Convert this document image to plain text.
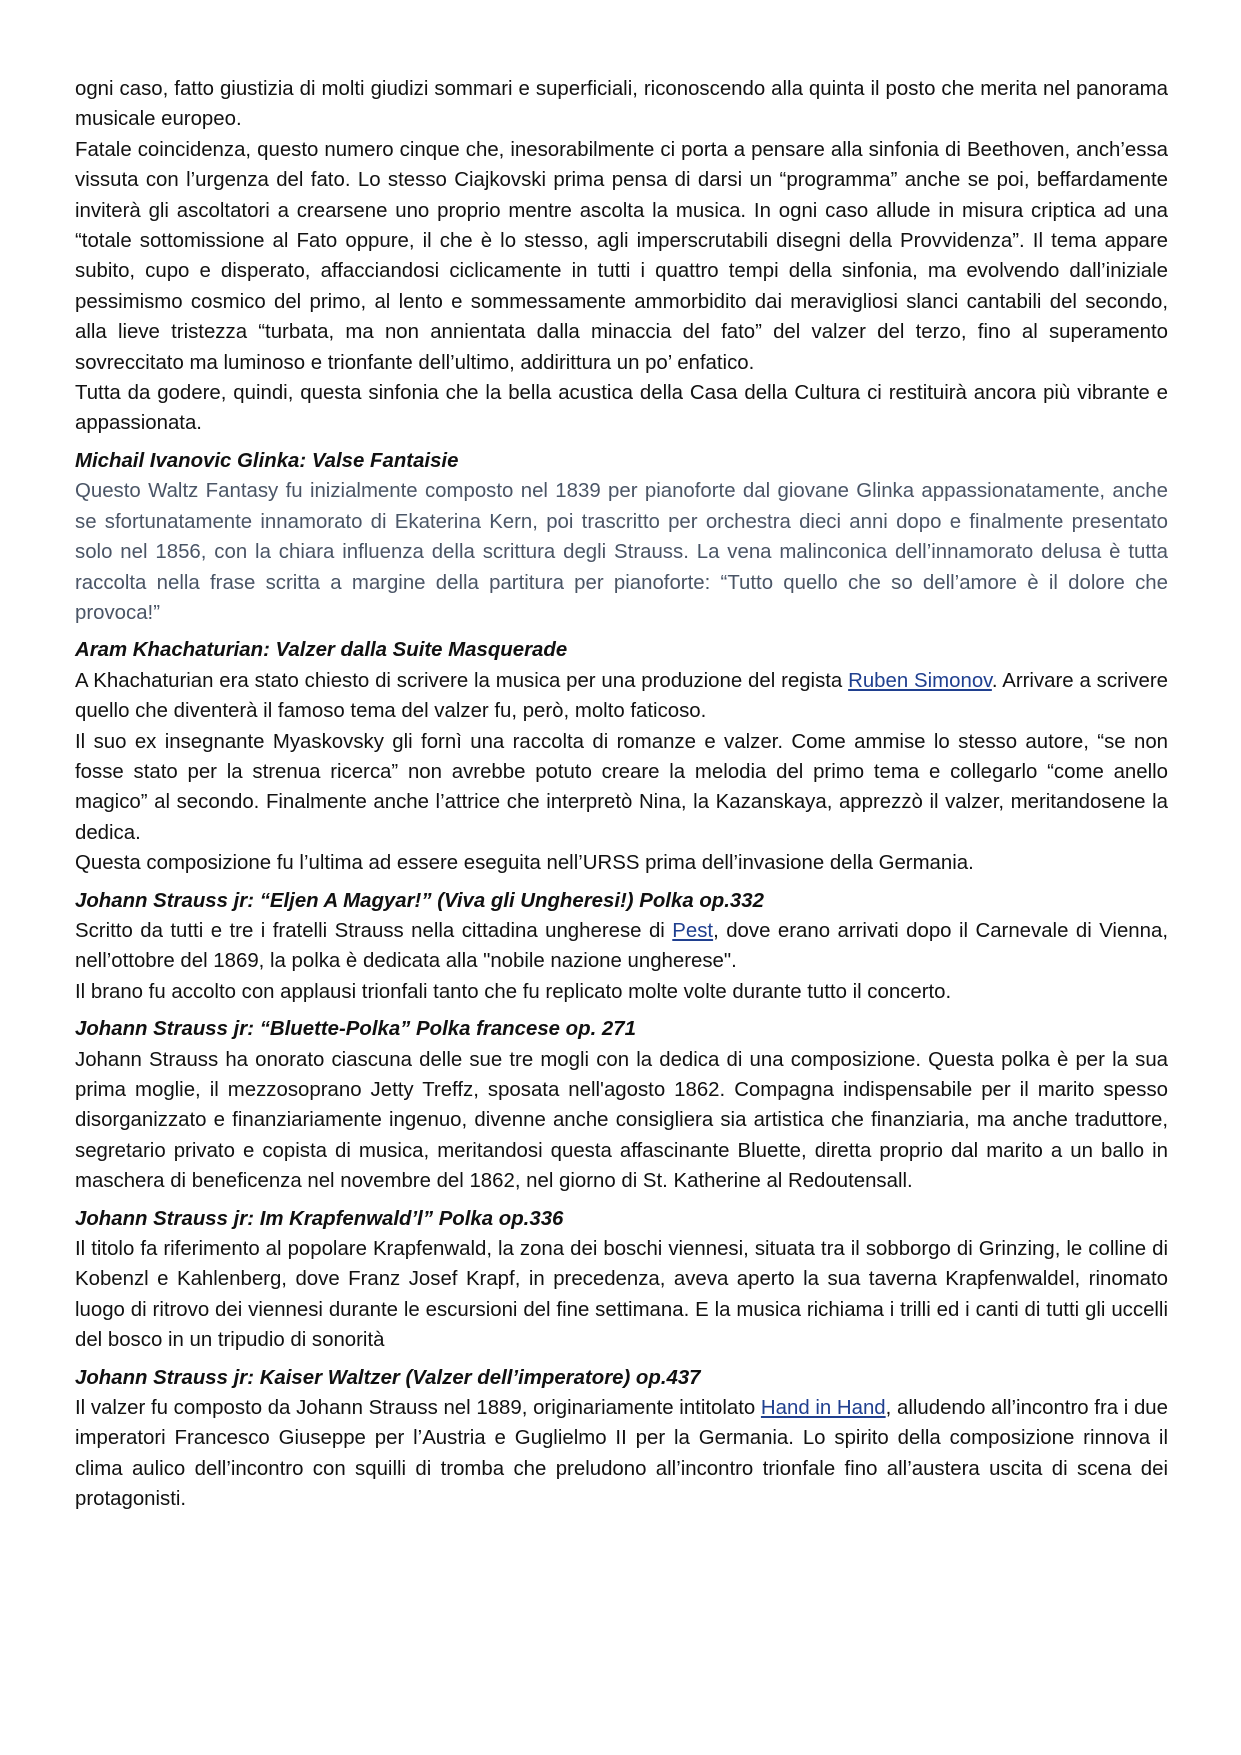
ogni caso, fatto giustizia di molti giudizi sommari e superficiali, riconoscendo alla quinta il posto che merita nel panorama musicale europeo.

Fatale coincidenza, questo numero cinque che, inesorabilmente ci porta a pensare alla sinfonia di Beethoven, anch’essa vissuta con l’urgenza del fato. Lo stesso Ciajkovski prima pensa di darsi un “programma” anche se poi, beffardamente inviterà gli ascoltatori a crearsene uno proprio mentre ascolta la musica. In ogni caso allude in misura criptica ad una “totale sottomissione al Fato oppure, il che è lo stesso, agli imperscrutabili disegni della Provvidenza”. Il tema appare subito, cupo e disperato, affacciandosi ciclicamente in tutti i quattro tempi della sinfonia, ma evolvendo dall’iniziale pessimismo cosmico del primo, al lento e sommessamente ammorbidito dai meravigliosi slanci cantabili del secondo, alla lieve tristezza “turbata, ma non annientata dalla minaccia del fato” del valzer del terzo, fino al superamento sovreccitato ma luminoso e trionfante dell’ultimo, addirittura un po’ enfatico.

Tutta da godere, quindi, questa sinfonia che la bella acustica della Casa della Cultura ci restituirà ancora più vibrante e appassionata.

Michail Ivanovic Glinka: Valse Fantaisie

Questo Waltz Fantasy fu inizialmente composto nel 1839 per pianoforte dal giovane Glinka appassionatamente, anche se sfortunatamente innamorato di Ekaterina Kern, poi trascritto per orchestra dieci anni dopo e finalmente presentato solo nel 1856, con la chiara influenza della scrittura degli Strauss. La vena malinconica dell’innamorato delusa è tutta raccolta nella frase scritta a margine della partitura per pianoforte: “Tutto quello che so dell’amore è il dolore che provoca!”

Aram Khachaturian: Valzer dalla Suite Masquerade

A Khachaturian era stato chiesto di scrivere la musica per una produzione del regista Ruben Simonov. Arrivare a scrivere quello che diventerà il famoso tema del valzer fu, però, molto faticoso.

Il suo ex insegnante Myaskovsky gli fornì una raccolta di romanze e valzer. Come ammise lo stesso autore, “se non fosse stato per la strenua ricerca” non avrebbe potuto creare la melodia del primo tema e collegarlo “come anello magico” al secondo. Finalmente anche l’attrice che interpretò Nina, la Kazanskaya, apprezzò il valzer, meritandosene la dedica.

Questa composizione fu l’ultima ad essere eseguita nell’URSS prima dell’invasione della Germania.

Johann Strauss jr: “Eljen A Magyar!” (Viva gli Ungheresi!) Polka op.332

Scritto da tutti e tre i fratelli Strauss nella cittadina ungherese di Pest, dove erano arrivati dopo il Carnevale di Vienna, nell’ottobre del 1869, la polka è dedicata alla "nobile nazione ungherese".

Il brano fu accolto con applausi trionfali tanto che fu replicato molte volte durante tutto il concerto.

Johann Strauss jr: “Bluette-Polka” Polka francese op. 271

Johann Strauss ha onorato ciascuna delle sue tre mogli con la dedica di una composizione. Questa polka è per la sua prima moglie, il mezzosoprano Jetty Treffz, sposata nell'agosto 1862. Compagna indispensabile per il marito spesso disorganizzato e finanziariamente ingenuo, divenne anche consigliera sia artistica che finanziaria, ma anche traduttore, segretario privato e copista di musica, meritandosi questa affascinante Bluette, diretta proprio dal marito a un ballo in maschera di beneficenza nel novembre del 1862, nel giorno di St. Katherine al Redoutensall.

Johann Strauss jr: Im Krapfenwald’l” Polka op.336

Il titolo fa riferimento al popolare Krapfenwald, la zona dei boschi viennesi, situata tra il sobborgo di Grinzing, le colline di Kobenzl e Kahlenberg, dove Franz Josef Krapf, in precedenza, aveva aperto la sua taverna Krapfenwaldel, rinomato luogo di ritrovo dei viennesi durante le escursioni del fine settimana. E la musica richiama i trilli ed i canti di tutti gli uccelli del bosco in un tripudio di sonorità

Johann Strauss jr: Kaiser Waltzer (Valzer dell’imperatore) op.437

Il valzer fu composto da Johann Strauss nel 1889, originariamente intitolato Hand in Hand, alludendo all’incontro fra i due imperatori Francesco Giuseppe per l’Austria e Guglielmo II per la Germania. Lo spirito della composizione rinnova il clima aulico dell’incontro con squilli di tromba che preludono all’incontro trionfale fino all’austera uscita di scena dei protagonisti.
